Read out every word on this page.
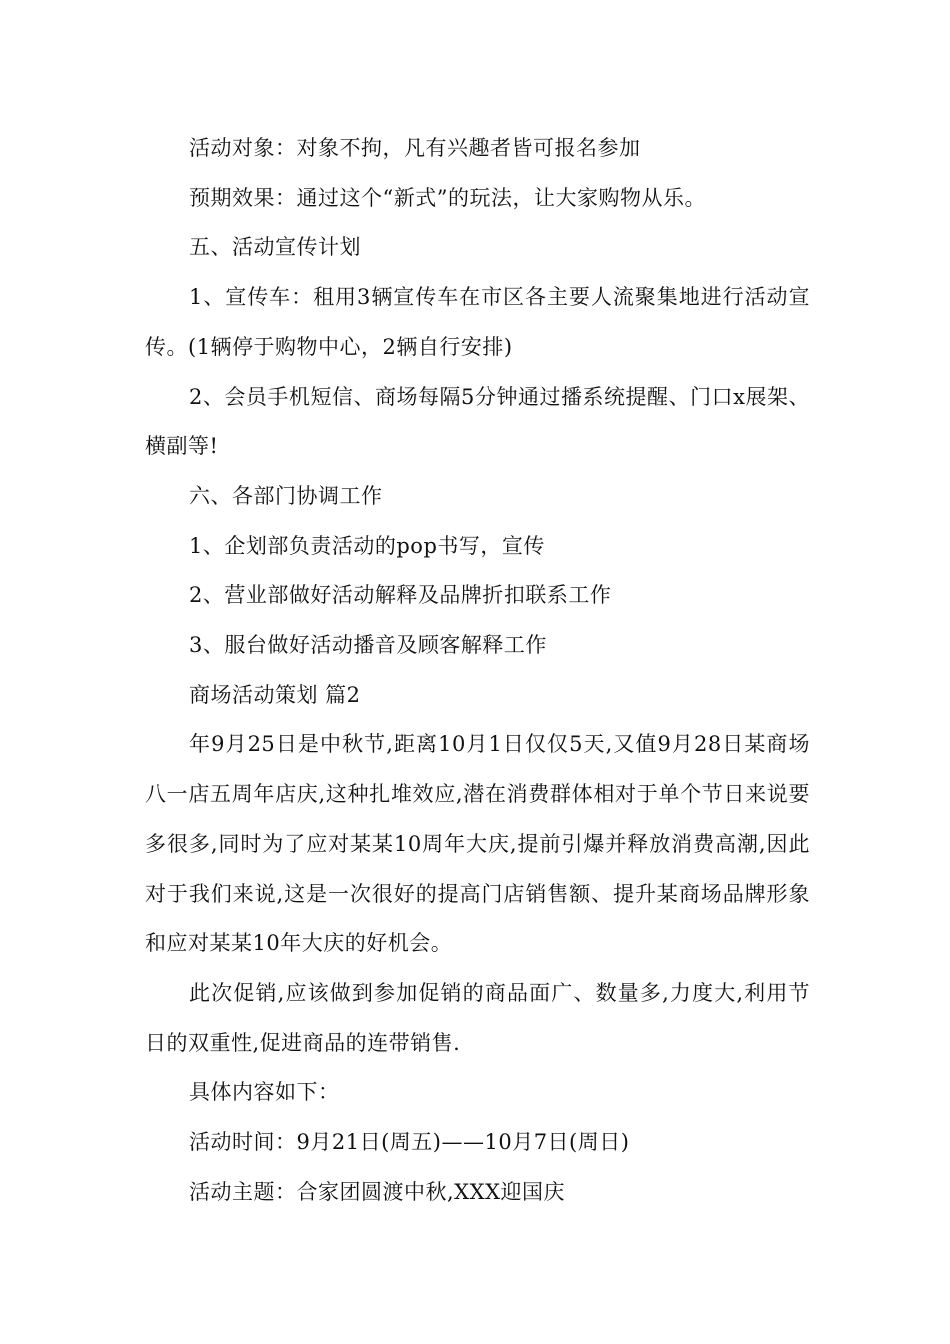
活动对象：对象不拘，凡有兴趣者皆可报名参加

预期效果：通过这个“新式”的玩法，让大家购物从乐。

五、活动宣传计划

1、宣传车：租用3辆宣传车在市区各主要人流聚集地进行活动宣传。(1辆停于购物中心，2辆自行安排)

2、会员手机短信、商场每隔5分钟通过播系统提醒、门口x展架、横副等!

六、各部门协调工作

1、企划部负责活动的pop书写，宣传

2、营业部做好活动解释及品牌折扣联系工作

3、服台做好活动播音及顾客解释工作

商场活动策划 篇2

年9月25日是中秋节,距离10月1日仅仅5天,又值9月28日某商场八一店五周年店庆,这种扎堆效应,潜在消费群体相对于单个节日来说要多很多,同时为了应对某某10周年大庆,提前引爆并释放消费高潮,因此对于我们来说,这是一次很好的提高门店销售额、提升某商场品牌形象和应对某某10年大庆的好机会。

此次促销,应该做到参加促销的商品面广、数量多,力度大,利用节日的双重性,促进商品的连带销售.

具体内容如下：

活动时间：9月21日(周五)——10月7日(周日)

活动主题：合家团圆渡中秋,XXX迎国庆
